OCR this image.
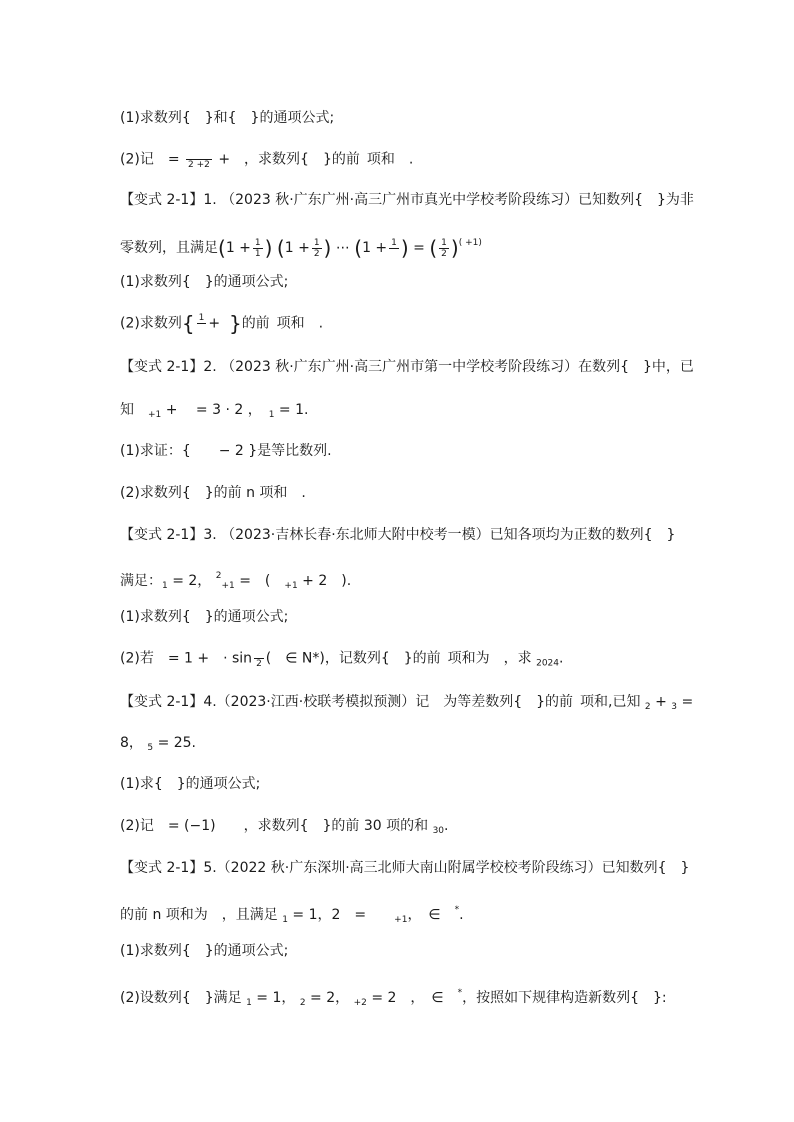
(1)求数列{　}和{　}的通项公式;
(2)记　=
2 +2 +　，求数列{　}的前 项和　.
【变式 2-1】1. （2023 秋·广东广州·高三广州市真光中学校考阶段练习）已知数列{　}为非
零数列，且满足($1 + \frac{1}{1}$ ) ($1 + \frac{1}{2}$ ) ⋯ (1 + 1
) = ( $\frac{1}{2} )^{( +1)}$
(1)求数列{　}的通项公式;
(2)求数列{ 1
+ }的前 项和　.
【变式 2-1】2. （2023 秋·广东广州·高三广州市第一中学校考阶段练习）在数列{　}中，已
知　$_{+1}$ +　 = 3 · 2 ，　$_1$ = 1.
(1)求证：{　　− 2 }是等比数列.
(2)求数列{　}的前 n 项和　.
【变式 2-1】3. （2023·吉林长春·东北师大附中校考一模）已知各项均为正数的数列{　}
满足：$_1$ = 2， $^2_{+1}$ =　(　$_{+1}$ + 2　).
(1)求数列{　}的通项公式;
(2)若　= 1 +　· sin
2 (　∈ N*)，记数列{　}的前 项和为　，求 $_{2024}$.
【变式 2-1】4.（2023·江西·校联考模拟预测）记　为等差数列{　}的前 项和,已知 $_2$ + $_3$ =
8， $_5$ = 25.
(1)求{　}的通项公式;
(2)记　= (−1)　　，求数列{　}的前 30 项的和 $_{30}$.
【变式 2-1】5.（2022 秋·广东深圳·高三北师大南山附属学校校考阶段练习）已知数列{　}
的前 n 项和为　，且满足 $_1$ = 1，2　=　　$_{+1}$，　∈　*.
(1)求数列{　}的通项公式;
(2)设数列{　}满足 $_1$ = 1， $_2$ = 2， $_{+2}$ = 2　，　∈　*，按照如下规律构造新数列{　}:
